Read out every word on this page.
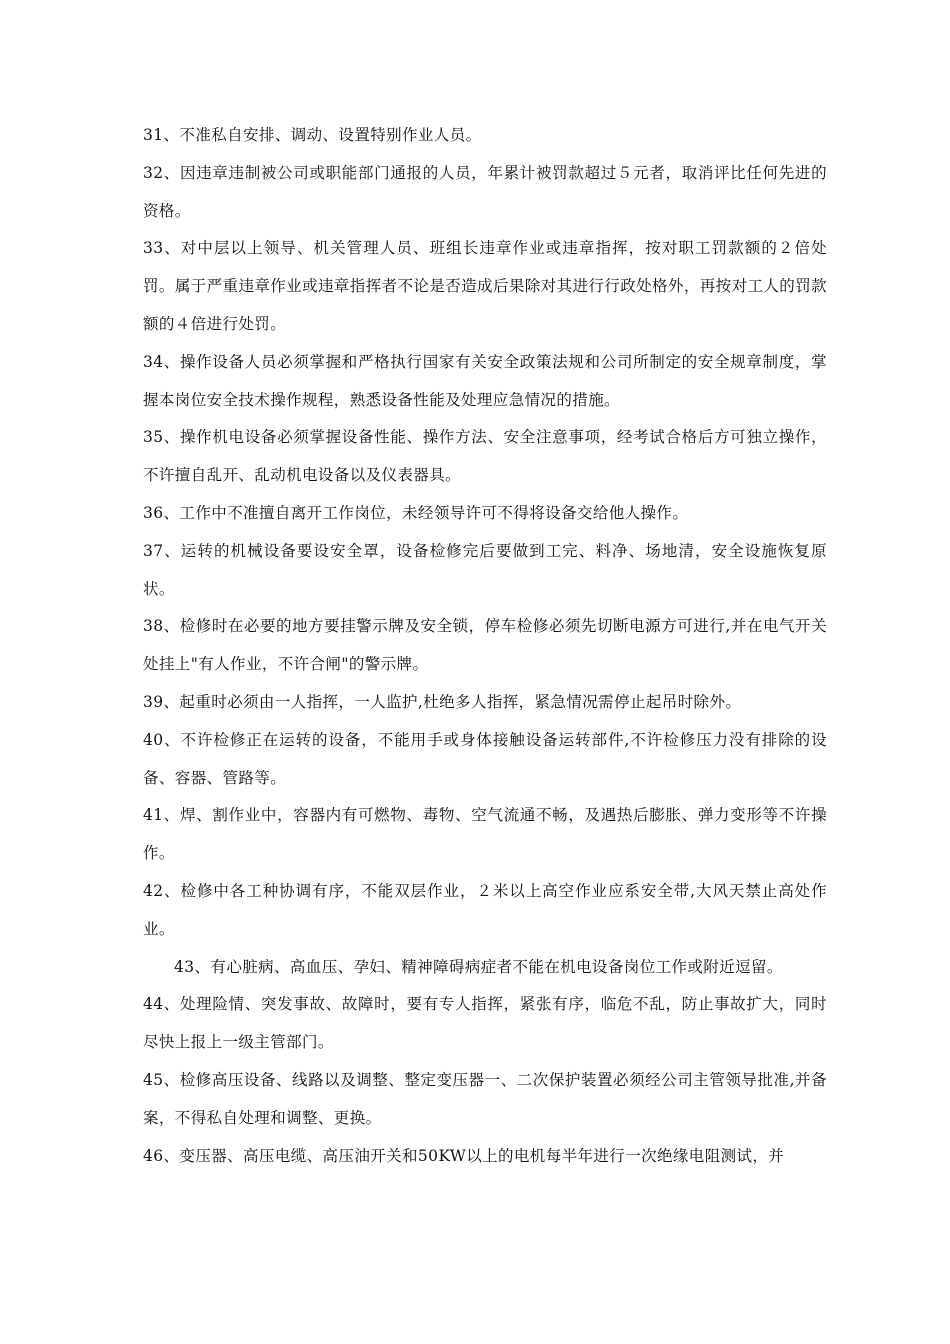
31、不准私自安排、调动、设置特别作业人员。

32、因违章违制被公司或职能部门通报的人员，年累计被罚款超过５元者，取消评比任何先进的资格。

33、对中层以上领导、机关管理人员、班组长违章作业或违章指挥，按对职工罚款额的２倍处罚。属于严重违章作业或违章指挥者不论是否造成后果除对其进行行政处格外，再按对工人的罚款额的４倍进行处罚。

34、操作设备人员必须掌握和严格执行国家有关安全政策法规和公司所制定的安全规章制度，掌握本岗位安全技术操作规程，熟悉设备性能及处理应急情况的措施。

35、操作机电设备必须掌握设备性能、操作方法、安全注意事项，经考试合格后方可独立操作，不许擅自乱开、乱动机电设备以及仪表器具。

36、工作中不准擅自离开工作岗位，未经领导许可不得将设备交给他人操作。

37、运转的机械设备要设安全罩，设备检修完后要做到工完、料净、场地清，安全设施恢复原状。

38、检修时在必要的地方要挂警示牌及安全锁，停车检修必须先切断电源方可进行,并在电气开关处挂上"有人作业，不许合闸"的警示牌。

39、起重时必须由一人指挥，一人监护,杜绝多人指挥，紧急情况需停止起吊时除外。

40、不许检修正在运转的设备，不能用手或身体接触设备运转部件,不许检修压力没有排除的设备、容器、管路等。

41、焊、割作业中，容器内有可燃物、毒物、空气流通不畅，及遇热后膨胀、弹力变形等不许操作。

42、检修中各工种协调有序，不能双层作业，２米以上高空作业应系安全带,大风天禁止高处作业。

43、有心脏病、高血压、孕妇、精神障碍病症者不能在机电设备岗位工作或附近逗留。

44、处理险情、突发事故、故障时，要有专人指挥，紧张有序，临危不乱，防止事故扩大，同时尽快上报上一级主管部门。

45、检修高压设备、线路以及调整、整定变压器一、二次保护装置必须经公司主管领导批准,并备案，不得私自处理和调整、更换。

46、变压器、高压电缆、高压油开关和50KW以上的电机每半年进行一次绝缘电阻测试，并
